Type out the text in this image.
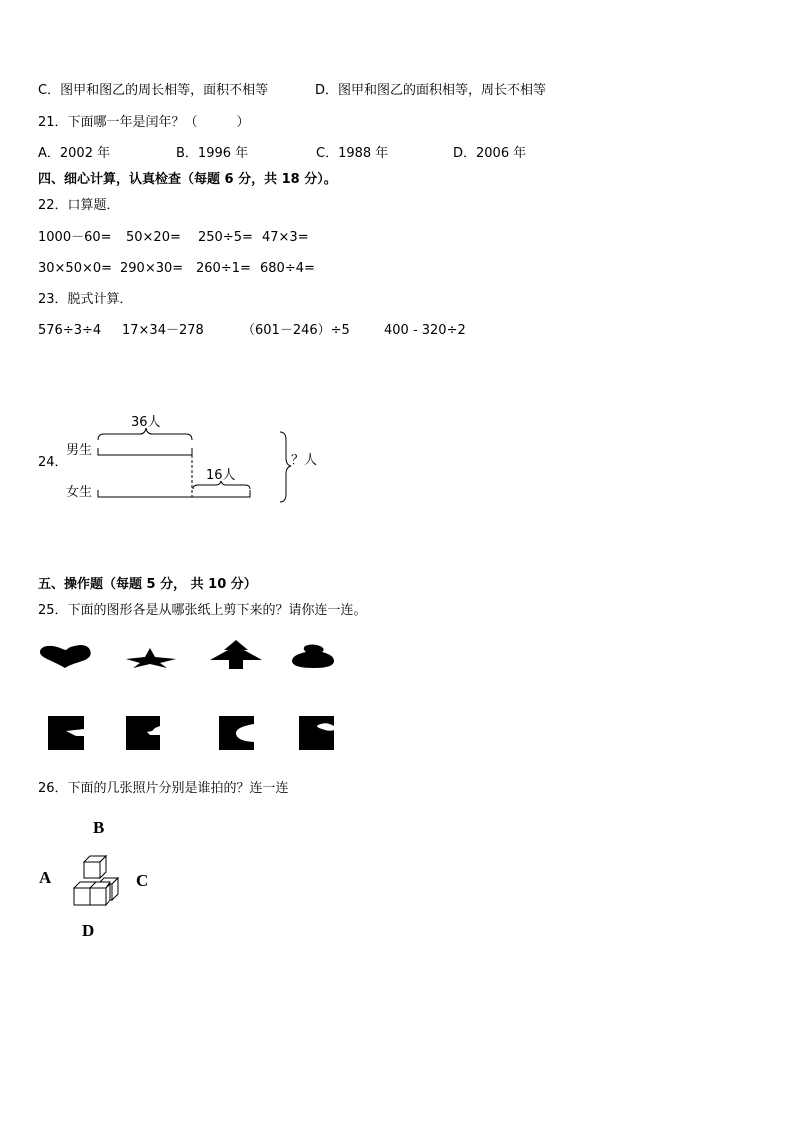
C．图甲和图乙的周长相等，面积不相等	D．图甲和图乙的面积相等，周长不相等
21．下面哪一年是闰年？（　　　）
A．2002 年	B．1996 年	C．1988 年	D．2006 年
四、细心计算，认真检查（每题 6 分，共 18 分）。
22．口算题．
1000－60= 50×20= 250÷5= 47×3=
30×50×0= 290×30= 260÷1= 680÷4=
23．脱式计算．
576÷3÷4 17×34－278	（601－246）÷5	400 - 320÷2
24．
男生
女生
36人
16人
？人
五、操作题（每题 5 分， 共 10 分）
25．下面的图形各是从哪张纸上剪下来的？请你连一连。
26．下面的几张照片分别是谁拍的？连一连
B
A	C
D
